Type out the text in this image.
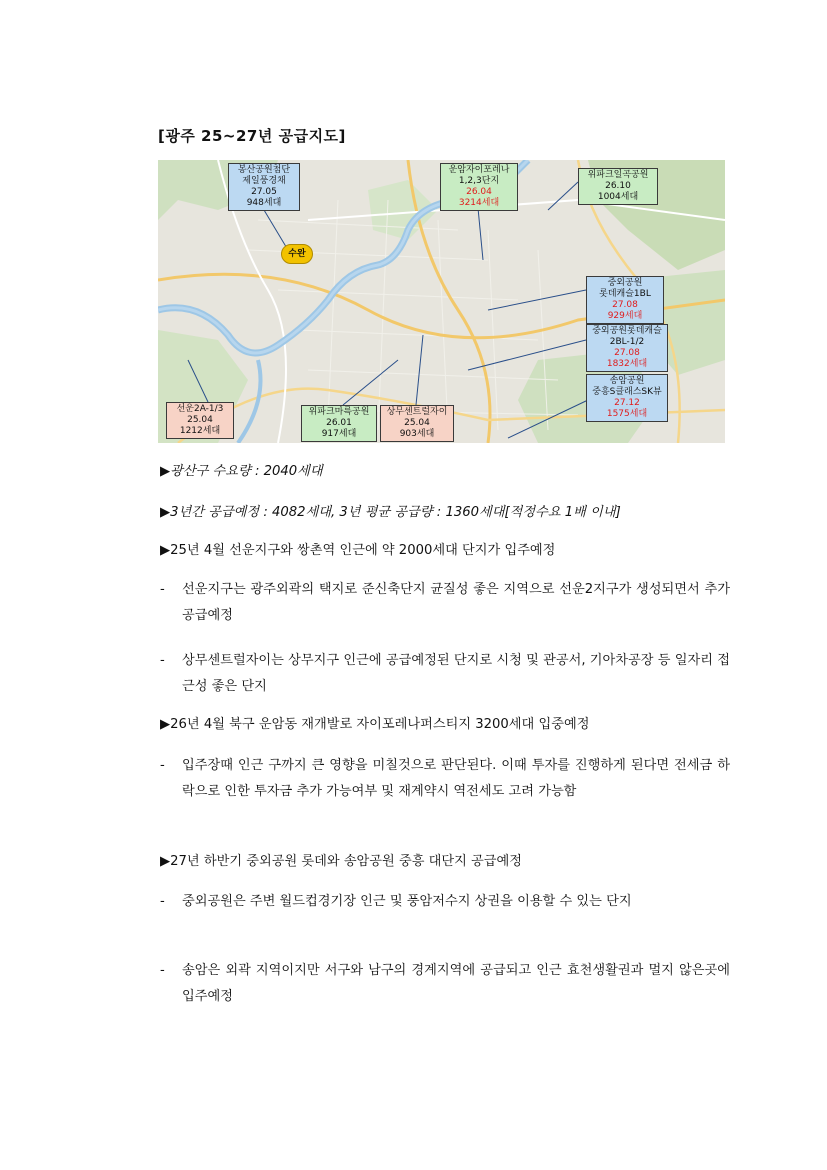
[광주 25~27년 공급지도]
수완
봉산공원첨단
제일풍경채
27.05
948세대
운암자이포레나
1,2,3단지
26.04
3214세대
위파크일곡공원
26.10
1004세대
중외공원
롯데캐슬1BL
27.08
929세대
중외공원롯데캐슬
2BL-1/2
27.08
1832세대
송암공원
중흥S클래스SK뷰
27.12
1575세대
선운2A-1/3
25.04
1212세대
위파크마륵공원
26.01
917세대
상무센트럴자이
25.04
903세대
▶광산구 수요량 : 2040세대
▶3년간 공급예정 : 4082세대, 3년 평균 공급량 : 1360세대[적정수요 1배 이내]
▶25년 4월 선운지구와 쌍촌역 인근에 약 2000세대 단지가 입주예정
-	선운지구는 광주외곽의 택지로 준신축단지 균질성 좋은 지역으로 선운2지구가 생성되면서 추가공급예정
-	상무센트럴자이는 상무지구 인근에 공급예정된 단지로 시청 및 관공서, 기아차공장 등 일자리 접근성 좋은 단지
▶26년 4월 북구 운암동 재개발로 자이포레나퍼스티지 3200세대 입중예정
-	입주장때 인근 구까지 큰 영향을 미칠것으로 판단된다. 이때 투자를 진행하게 된다면 전세금 하락으로 인한 투자금 추가 가능여부 및 재계약시 역전세도 고려 가능함
▶27년 하반기 중외공원 롯데와 송암공원 중흥 대단지 공급예정
-	중외공원은 주변 월드컵경기장 인근 및 풍암저수지 상권을 이용할 수 있는 단지
-	송암은 외곽 지역이지만 서구와 남구의 경계지역에 공급되고 인근 효천생활권과 멀지 않은곳에 입주예정
